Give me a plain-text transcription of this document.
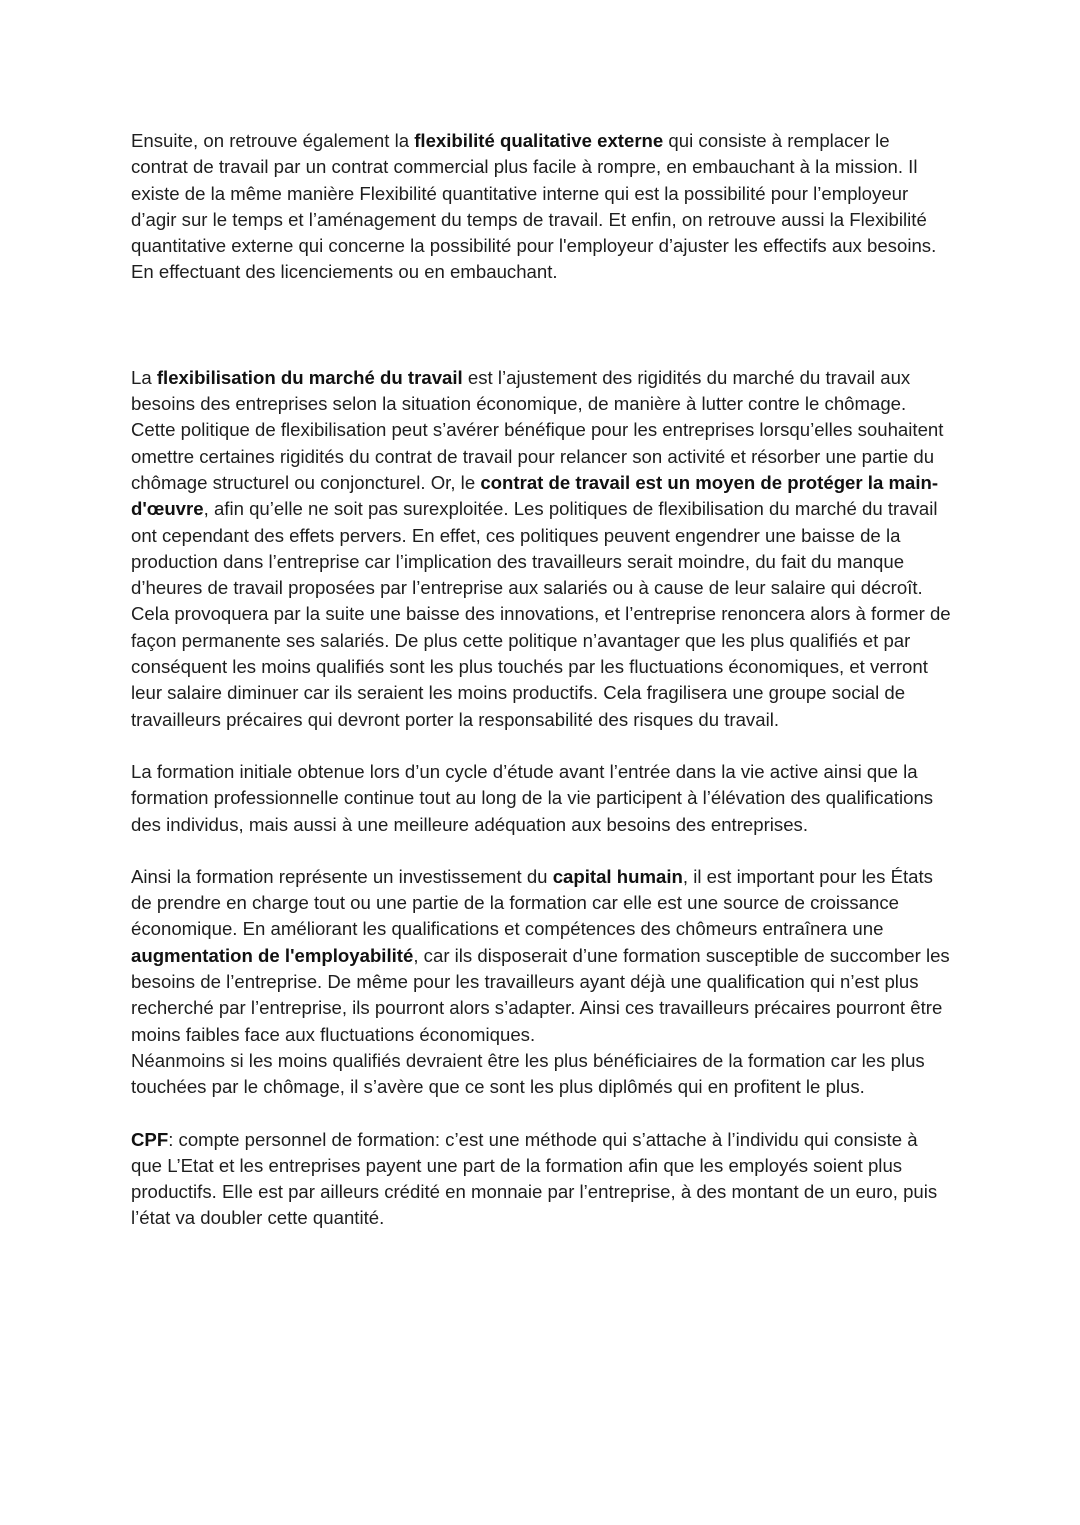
Ensuite, on retrouve également la flexibilité qualitative externe qui consiste à remplacer le contrat de travail par un contrat commercial plus facile à rompre, en embauchant à la mission. Il existe de la même manière Flexibilité quantitative interne qui est la possibilité pour l’employeur d’agir sur le temps et l’aménagement du temps de travail. Et enfin, on retrouve aussi la Flexibilité quantitative externe qui concerne la possibilité pour l'employeur d’ajuster les effectifs aux besoins. En effectuant des licenciements ou en embauchant.

La flexibilisation du marché du travail est l’ajustement des rigidités du marché du travail aux besoins des entreprises selon la situation économique, de manière à lutter contre le chômage. Cette politique de flexibilisation peut s’avérer bénéfique pour les entreprises lorsqu’elles souhaitent omettre certaines rigidités du contrat de travail pour relancer son activité et résorber une partie du chômage structurel ou conjoncturel. Or, le contrat de travail est un moyen de protéger la main-d'œuvre, afin qu’elle ne soit pas surexploitée. Les politiques de flexibilisation du marché du travail ont cependant des effets pervers. En effet, ces politiques peuvent engendrer une baisse de la production dans l’entreprise car l’implication des travailleurs serait moindre, du fait du manque d’heures de travail proposées par l’entreprise aux salariés ou à cause de leur salaire qui décroît. Cela provoquera par la suite une baisse des innovations, et l’entreprise renoncera alors à former de façon permanente ses salariés. De plus cette politique n’avantager que les plus qualifiés et par conséquent les moins qualifiés sont les plus touchés par les fluctuations économiques, et verront leur salaire diminuer car ils seraient les moins productifs. Cela fragilisera une groupe social de travailleurs précaires qui devront porter la responsabilité des risques du travail.

La formation initiale obtenue lors d’un cycle d’étude avant l’entrée dans la vie active ainsi que la formation professionnelle continue tout au long de la vie participent à l’élévation des qualifications des individus, mais aussi à une meilleure adéquation aux besoins des entreprises.

Ainsi la formation représente un investissement du capital humain, il est important pour les États de prendre en charge tout ou une partie de la formation car elle est une source de croissance économique. En améliorant les qualifications et compétences des chômeurs entraînera une augmentation de l'employabilité, car ils disposerait d’une formation susceptible de succomber les besoins de l’entreprise. De même pour les travailleurs ayant déjà une qualification qui n’est plus recherché par l’entreprise, ils pourront alors s’adapter. Ainsi ces travailleurs précaires pourront être moins faibles face aux fluctuations économiques.

Néanmoins si les moins qualifiés devraient être les plus bénéficiaires de la formation car les plus touchées par le chômage, il s’avère que ce sont les plus diplômés qui en profitent le plus.

CPF: compte personnel de formation: c’est une méthode qui s’attache à l’individu qui consiste à que L’Etat et les entreprises payent une part de la formation afin que les employés soient plus productifs. Elle est par ailleurs crédité en monnaie par l’entreprise, à des montant de un euro, puis l’état va doubler cette quantité.
